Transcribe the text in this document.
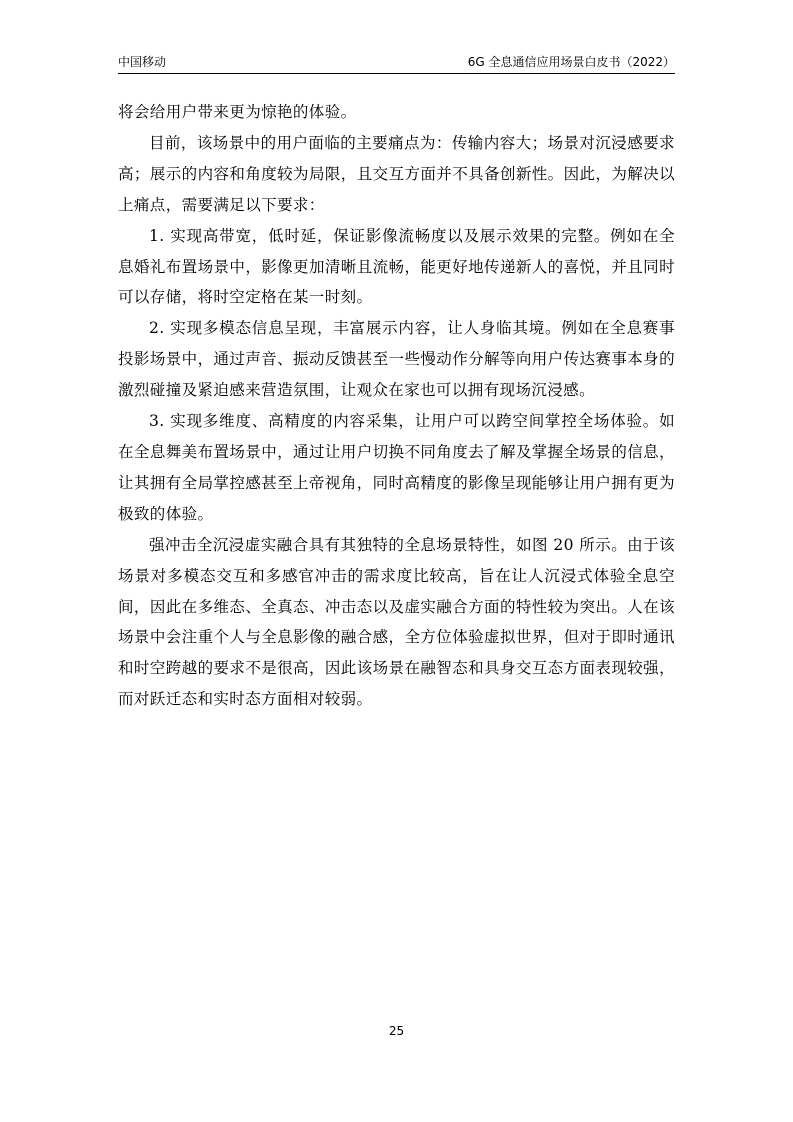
中国移动	6G 全息通信应用场景白皮书（2022）

将会给用户带来更为惊艳的体验。

目前，该场景中的用户面临的主要痛点为：传输内容大；场景对沉浸感要求高；展示的内容和角度较为局限，且交互方面并不具备创新性。因此，为解决以上痛点，需要满足以下要求：

1. 实现高带宽，低时延，保证影像流畅度以及展示效果的完整。例如在全息婚礼布置场景中，影像更加清晰且流畅，能更好地传递新人的喜悦，并且同时可以存储，将时空定格在某一时刻。

2. 实现多模态信息呈现，丰富展示内容，让人身临其境。例如在全息赛事投影场景中，通过声音、振动反馈甚至一些慢动作分解等向用户传达赛事本身的激烈碰撞及紧迫感来营造氛围，让观众在家也可以拥有现场沉浸感。

3. 实现多维度、高精度的内容采集，让用户可以跨空间掌控全场体验。如在全息舞美布置场景中，通过让用户切换不同角度去了解及掌握全场景的信息，让其拥有全局掌控感甚至上帝视角，同时高精度的影像呈现能够让用户拥有更为极致的体验。

强冲击全沉浸虚实融合具有其独特的全息场景特性，如图 20 所示。由于该场景对多模态交互和多感官冲击的需求度比较高，旨在让人沉浸式体验全息空间，因此在多维态、全真态、冲击态以及虚实融合方面的特性较为突出。人在该场景中会注重个人与全息影像的融合感，全方位体验虚拟世界，但对于即时通讯和时空跨越的要求不是很高，因此该场景在融智态和具身交互态方面表现较强，而对跃迁态和实时态方面相对较弱。

25
